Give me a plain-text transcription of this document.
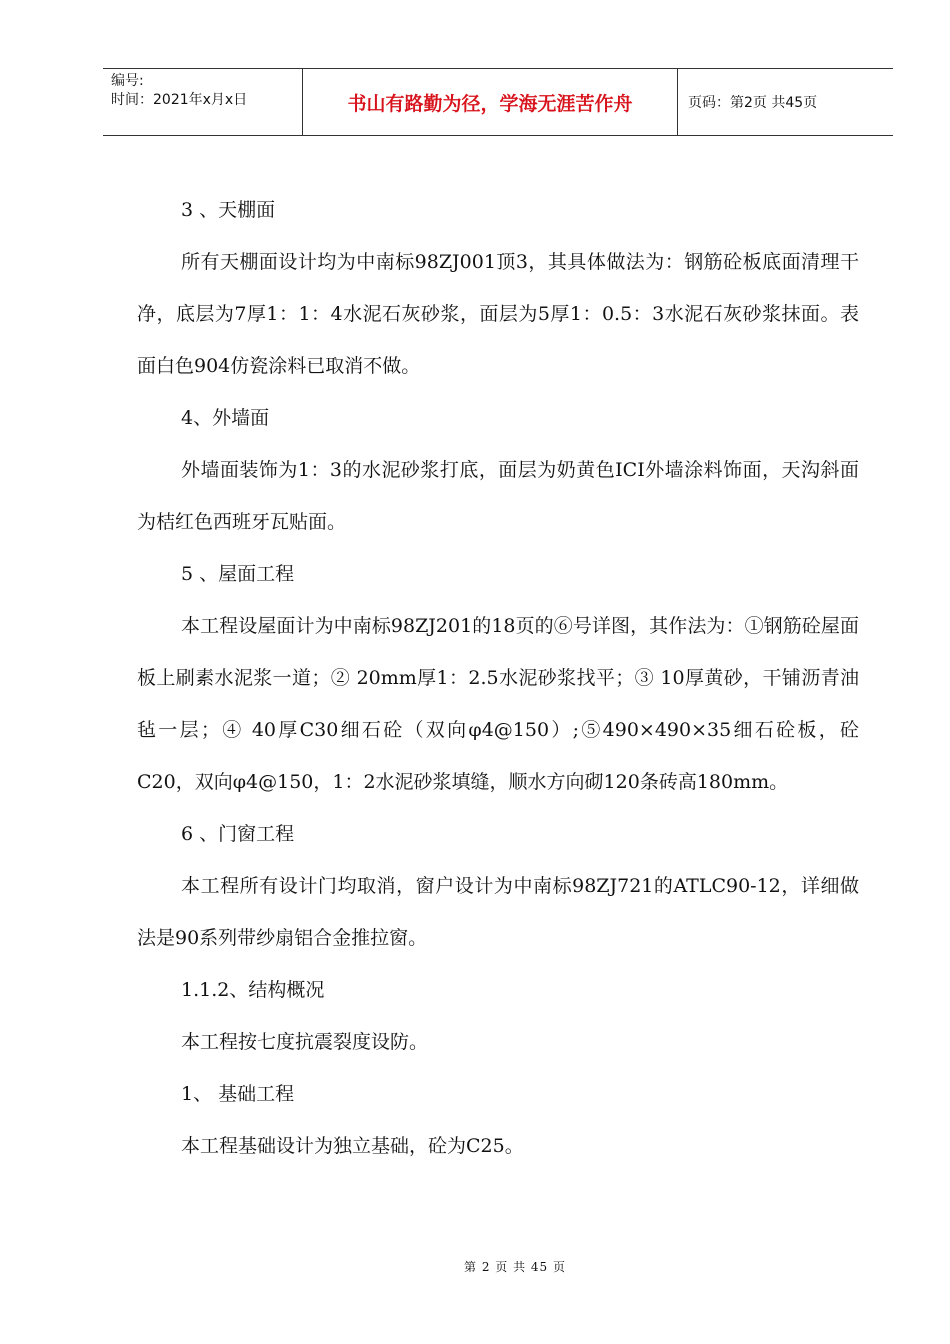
编号:
时间：2021年x月x日	书山有路勤为径，学海无涯苦作舟	页码：第2页 共45页

3 、天棚面

所有天棚面设计均为中南标98ZJ001顶3，其具体做法为：钢筋砼板底面清理干净，底层为7厚1：1：4水泥石灰砂浆，面层为5厚1：0.5：3水泥石灰砂浆抹面。表面白色904仿瓷涂料已取消不做。

4、外墙面

外墙面装饰为1：3的水泥砂浆打底，面层为奶黄色ICI外墙涂料饰面，天沟斜面为桔红色西班牙瓦贴面。

5 、屋面工程

本工程设屋面计为中南标98ZJ201的18页的⑥号详图，其作法为：①钢筋砼屋面板上刷素水泥浆一道；② 20mm厚1：2.5水泥砂浆找平；③ 10厚黄砂，干铺沥青油毡一层；④ 40厚C30细石砼（双向φ4@150）;⑤490×490×35细石砼板，砼C20，双向φ4@150，1：2水泥砂浆填缝，顺水方向砌120条砖高180mm。

6 、门窗工程

本工程所有设计门均取消，窗户设计为中南标98ZJ721的ATLC90-12，详细做法是90系列带纱扇铝合金推拉窗。

1.1.2、结构概况

本工程按七度抗震裂度设防。

1、 基础工程

本工程基础设计为独立基础，砼为C25。

第 2 页 共 45 页
